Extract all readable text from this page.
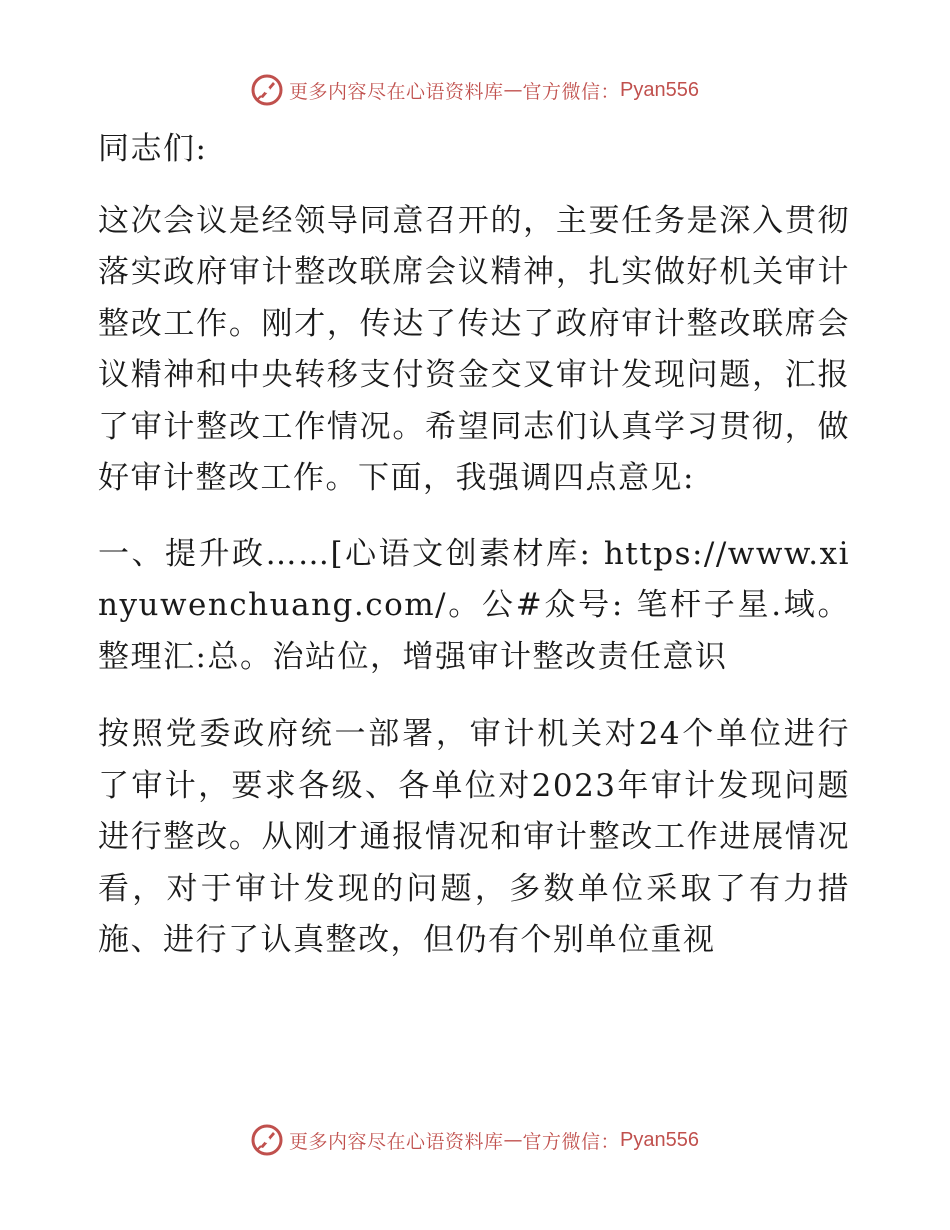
更多内容尽在心语资料库 — 官方微信： Pyan556

同志们:

这次会议是经领导同意召开的，主要任务是深入贯彻落实政府审计整改联席会议精神，扎实做好机关审计整改工作。刚才，传达了传达了政府审计整改联席会议精神和中央转移支付资金交叉审计发现问题，汇报了审计整改工作情况。希望同志们认真学习贯彻，做好审计整改工作。下面，我强调四点意见:

一、提升政……[心语文创素材库: https://www.xinyuwenchuang.com/。公#众号: 笔杆子星.域。整理汇:总。治站位，增强审计整改责任意识

按照党委政府统一部署，审计机关对24个单位进行了审计，要求各级、各单位对2023年审计发现问题进行整改。从刚才通报情况和审计整改工作进展情况看，对于审计发现的问题，多数单位采取了有力措施、进行了认真整改，但仍有个别单位重视

更多内容尽在心语资料库 — 官方微信： Pyan556
